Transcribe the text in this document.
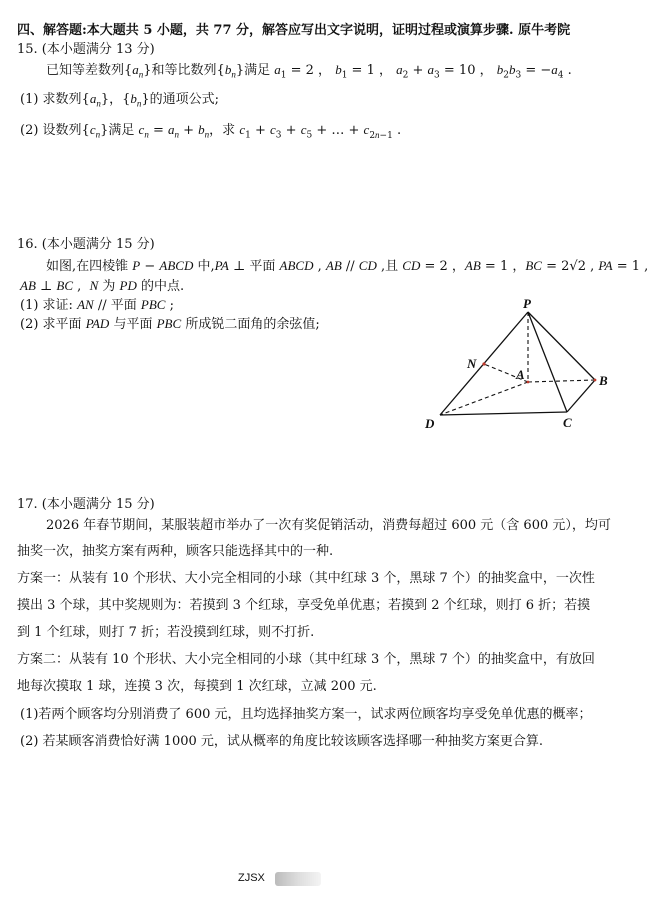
四、解答题:本大题共 5 小题，共 77 分，解答应写出文字说明，证明过程或演算步骤. 原牛考院
15. (本小题满分 13 分)
已知等差数列$\{a_n\}$和等比数列$\{b_n\}$满足 $a_1 = 2$ ， $b_1 = 1$ ， $a_2 + a_3 = 10$ ， $b_2b_3 = -a_4$ .
(1) 求数列$\{a_n\}$，$\{b_n\}$的通项公式;
(2) 设数列$\{c_n\}$满足 $c_n = a_n + b_n$，求 $c_1 + c_3 + c_5$ + … + $c_{2n-1}$ .
16. (本小题满分 15 分)
如图,在四棱锥 P − ABCD 中,PA ⊥ 平面 ABCD , AB // CD ,且 CD = 2 ，AB = 1 ，BC = 2√2 , PA = 1 ,
AB ⊥ BC , N 为 PD 的中点.
(1) 求证: AN // 平面 PBC ;
(2) 求平面 PAD 与平面 PBC 所成锐二面角的余弦值;
P
N
A	B
D	C
17. (本小题满分 15 分)
2026 年春节期间，某服装超市举办了一次有奖促销活动，消费每超过 600 元（含 600 元），均可
抽奖一次，抽奖方案有两种，顾客只能选择其中的一种.
方案一：从装有 10 个形状、大小完全相同的小球（其中红球 3 个，黑球 7 个）的抽奖盒中，一次性
摸出 3 个球，其中奖规则为：若摸到 3 个红球，享受免单优惠；若摸到 2 个红球，则打 6 折；若摸
到 1 个红球，则打 7 折；若没摸到红球，则不打折.
方案二：从装有 10 个形状、大小完全相同的小球（其中红球 3 个，黑球 7 个）的抽奖盒中，有放回
地每次摸取 1 球，连摸 3 次，每摸到 1 次红球，立减 200 元.
(1)若两个顾客均分别消费了 600 元，且均选择抽奖方案一，试求两位顾客均享受免单优惠的概率；
(2) 若某顾客消费恰好满 1000 元，试从概率的角度比较该顾客选择哪一种抽奖方案更合算.
ZJSX
